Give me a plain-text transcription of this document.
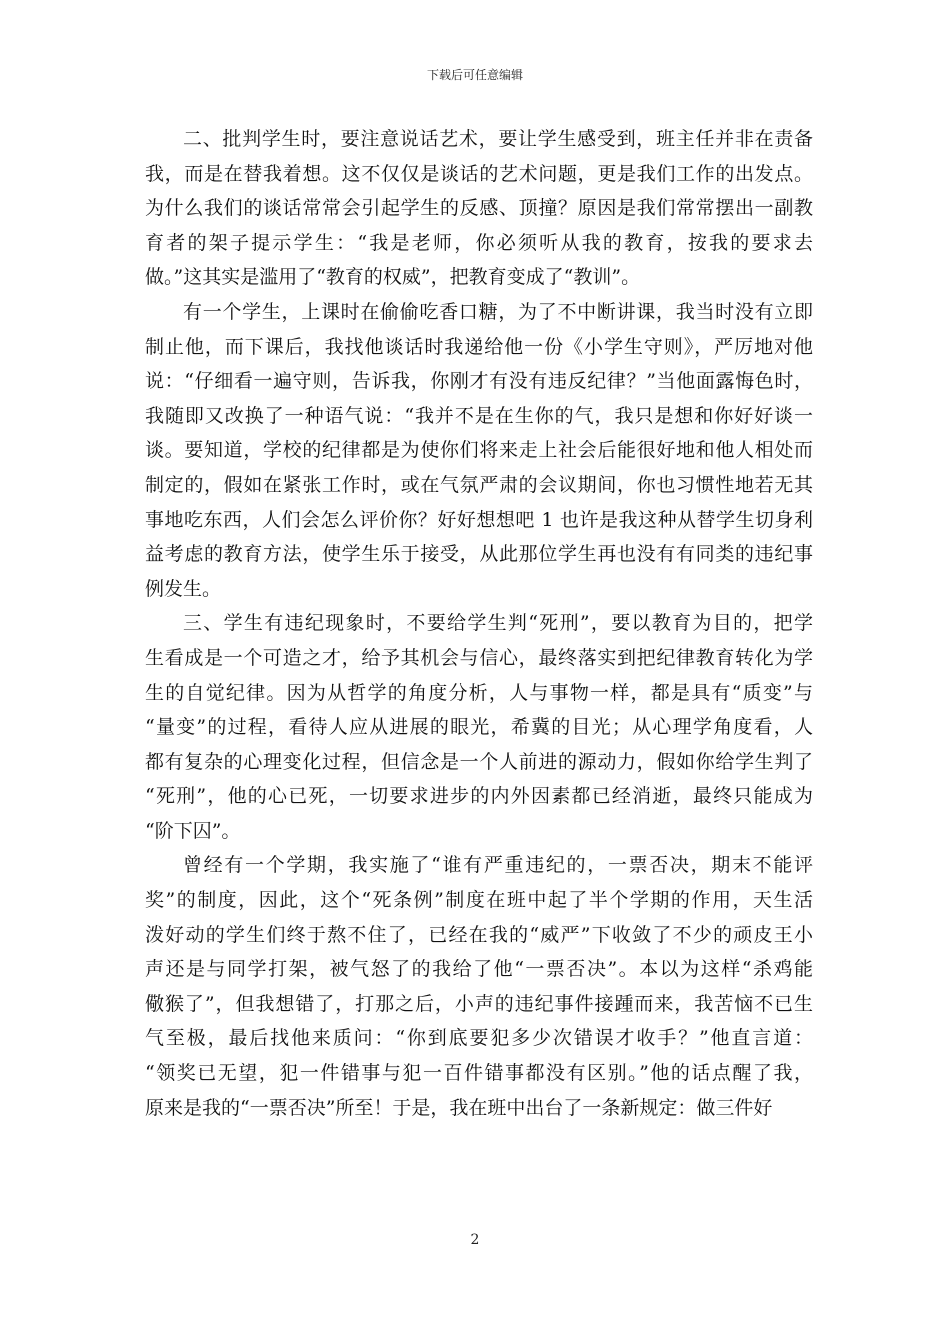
下载后可任意编辑
二、批判学生时，要注意说话艺术，要让学生感受到，班主任并非在责备
我，而是在替我着想。这不仅仅是谈话的艺术问题，更是我们工作的出发点。
为什么我们的谈话常常会引起学生的反感、顶撞？原因是我们常常摆出一副教
育者的架子提示学生：“我是老师，你必须听从我的教育，按我的要求去
做。”这其实是滥用了“教育的权威”，把教育变成了“教训”。
有一个学生，上课时在偷偷吃香口糖，为了不中断讲课，我当时没有立即
制止他，而下课后，我找他谈话时我递给他一份《小学生守则》，严厉地对他
说：“仔细看一遍守则，告诉我，你刚才有没有违反纪律？”当他面露悔色时，
我随即又改换了一种语气说：“我并不是在生你的气，我只是想和你好好谈一
谈。要知道，学校的纪律都是为使你们将来走上社会后能很好地和他人相处而
制定的，假如在紧张工作时，或在气氛严肃的会议期间，你也习惯性地若无其
事地吃东西，人们会怎么评价你？好好想想吧 1 也许是我这种从替学生切身利
益考虑的教育方法，使学生乐于接受，从此那位学生再也没有有同类的违纪事
例发生。
三、学生有违纪现象时，不要给学生判“死刑”，要以教育为目的，把学
生看成是一个可造之才，给予其机会与信心，最终落实到把纪律教育转化为学
生的自觉纪律。因为从哲学的角度分析，人与事物一样，都是具有“质变”与
“量变”的过程，看待人应从进展的眼光，希冀的目光；从心理学角度看，人
都有复杂的心理变化过程，但信念是一个人前进的源动力，假如你给学生判了
“死刑”，他的心已死，一切要求进步的内外因素都已经消逝，最终只能成为
“阶下囚”。
曾经有一个学期，我实施了“谁有严重违纪的，一票否决，期末不能评
奖”的制度，因此，这个“死条例”制度在班中起了半个学期的作用，天生活
泼好动的学生们终于熬不住了，已经在我的“威严”下收敛了不少的顽皮王小
声还是与同学打架，被气怒了的我给了他“一票否决”。本以为这样“杀鸡能
儆猴了”，但我想错了，打那之后，小声的违纪事件接踵而来，我苦恼不已生
气至极，最后找他来质问：“你到底要犯多少次错误才收手？”他直言道：
“领奖已无望，犯一件错事与犯一百件错事都没有区别。”他的话点醒了我，
原来是我的“一票否决”所至！于是，我在班中出台了一条新规定：做三件好
2
